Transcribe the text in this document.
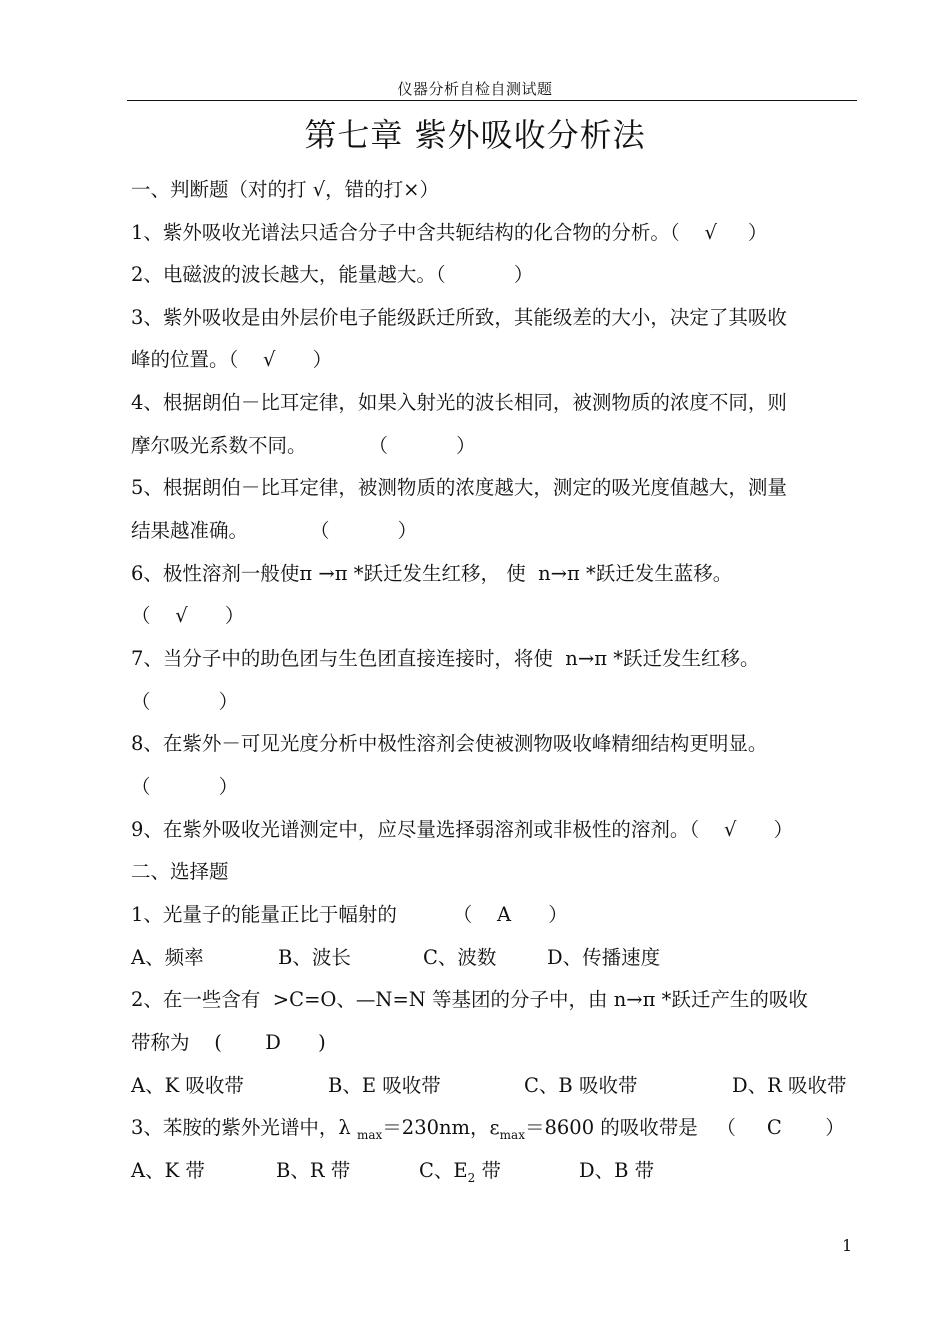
仪器分析自检自测试题
第七章 紫外吸收分析法
一、判断题（对的打 √，错的打×）
1、紫外吸收光谱法只适合分子中含共轭结构的化合物的分析。（    √     ）
2、电磁波的波长越大，能量越大。（           ）
3、紫外吸收是由外层价电子能级跃迁所致，其能级差的大小，决定了其吸收
峰的位置。（    √      ）
4、根据朗伯－比耳定律，如果入射光的波长相同，被测物质的浓度不同，则
摩尔吸光系数不同。          （           ）
5、根据朗伯－比耳定律，被测物质的浓度越大，测定的吸光度值越大，测量
结果越准确。          （           ）
6、极性溶剂一般使π →π *跃迁发生红移， 使  n→π *跃迁发生蓝移。
（    √      ）
7、当分子中的助色团与生色团直接连接时，将使  n→π *跃迁发生红移。
（           ）
8、在紫外－可见光度分析中极性溶剂会使被测物吸收峰精细结构更明显。
（           ）
9、在紫外吸收光谱测定中，应尽量选择弱溶剂或非极性的溶剂。（    √      ）
二、选择题
1、光量子的能量正比于幅射的         （    A      ）
A、频率	B、波长	C、波数	D、传播速度
2、在一些含有  >C=O、—N=N 等基团的分子中，由 n→π *跃迁产生的吸收
带称为    (       D      )
A、K 吸收带	B、E 吸收带	C、B 吸收带	D、R 吸收带
3、苯胺的紫外光谱中，λ $_{max}$＝230nm，$\varepsilon_{max}=8600$ 的吸收带是   （     C       ）
A、K 带	B、R 带	C、$E_2$ 带	D、B 带
1
